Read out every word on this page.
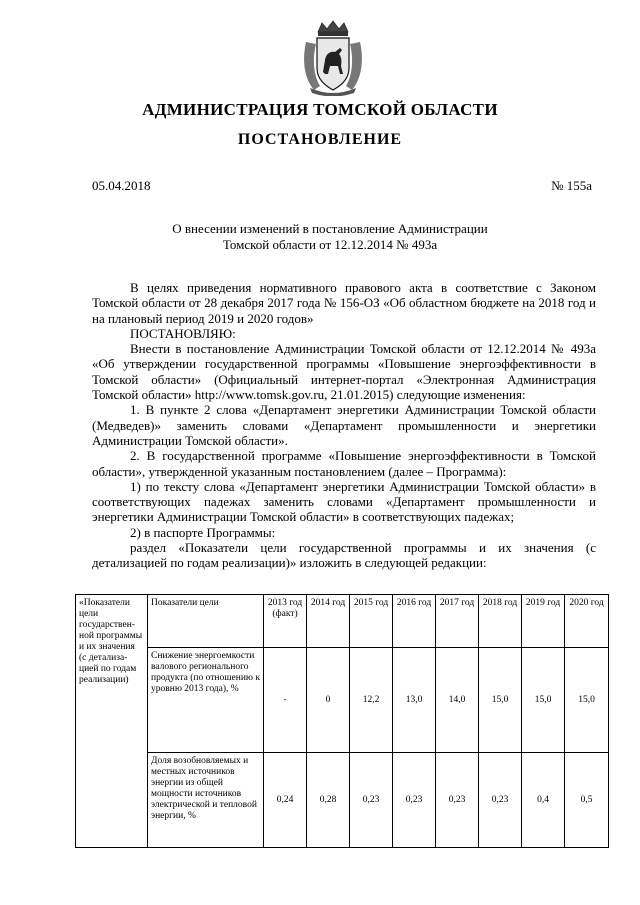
АДМИНИСТРАЦИЯ ТОМСКОЙ ОБЛАСТИ
ПОСТАНОВЛЕНИЕ
05.04.2018	№ 155а
О внесении изменений в постановление Администрации
Томской области от 12.12.2014 № 493а

В целях приведения нормативного правового акта в соответствие с Законом Томской области от 28 декабря 2017 года № 156-ОЗ «Об областном бюджете на 2018 год и на плановый период 2019 и 2020 годов»

ПОСТАНОВЛЯЮ:

Внести в постановление Администрации Томской области от 12.12.2014 № 493а «Об утверждении государственной программы «Повышение энергоэффективности в Томской области» (Официальный интернет-портал «Электронная Администрация Томской области» http://www.tomsk.gov.ru, 21.01.2015) следующие изменения:

1. В пункте 2 слова «Департамент энергетики Администрации Томской области (Медведев)» заменить словами «Департамент промышленности и энергетики Администрации Томской области».

2. В государственной программе «Повышение энергоэффективности в Томской области», утвержденной указанным постановлением (далее – Программа):

1) по тексту слова «Департамент энергетики Администрации Томской области» в соответствующих падежах заменить словами «Департамент промышленности и энергетики Администрации Томской области» в соответствующих падежах;

2) в паспорте Программы:

раздел «Показатели цели государственной программы и их значения (с детализацией по годам реализации)» изложить в следующей редакции:

«Показатели цели государствен-ной программы и их значения (с детализа-цией по годам реализации)	Показатели цели	2013 год (факт)	2014 год	2015 год	2016 год	2017 год	2018 год	2019 год	2020 год
	Снижение энергоемкости валового регионального продукта (по отношению к уровню 2013 года), %	-	0	12,2	13,0	14,0	15,0	15,0	15,0
	Доля возобновляемых и местных источников энергии из общей мощности источников электрической и тепловой энергии, %	0,24	0,28	0,23	0,23	0,23	0,23	0,4	0,5
